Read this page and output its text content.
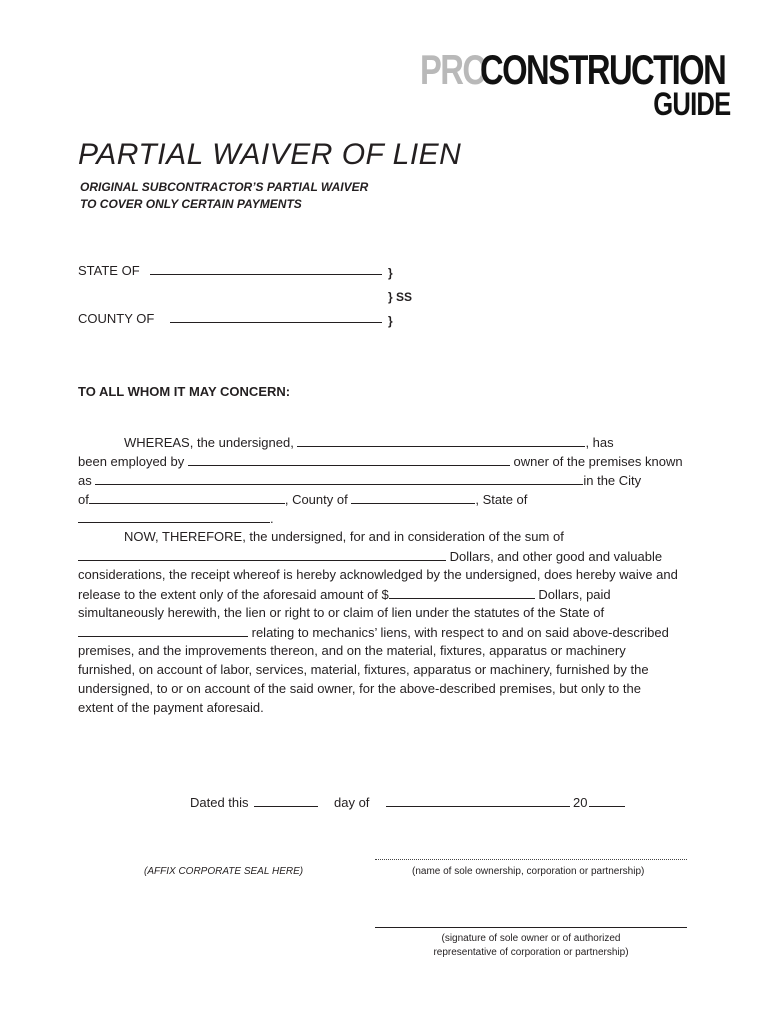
PRO
CONSTRUCTION
GUIDE
PARTIAL WAIVER OF LIEN
ORIGINAL SUBCONTRACTOR’S PARTIAL WAIVER
TO COVER ONLY CERTAIN PAYMENTS
STATE OF	}
} SS
COUNTY OF	}
TO ALL WHOM IT MAY CONCERN:
WHEREAS, the undersigned,	, has
been employed by	owner of the premises known
as	in the City
of	, County of	, State of
.
NOW, THEREFORE, the undersigned, for and in consideration of the sum of
Dollars, and other good and valuable
considerations, the receipt whereof is hereby acknowledged by the undersigned, does hereby waive and
release to the extent only of the aforesaid amount of $	Dollars, paid
simultaneously herewith, the lien or right to or claim of lien under the statutes of the State of
relating to mechanics’ liens, with respect to and on said above-described
premises, and the improvements thereon, and on the material, fixtures, apparatus or machinery
furnished, on account of labor, services, material, fixtures, apparatus or machinery, furnished by the
undersigned, to or on account of the said owner, for the above-described premises, but only to the
extent of the payment aforesaid.
Dated this	day of	20
(AFFIX CORPORATE SEAL HERE)	(name of sole ownership, corporation or partnership)
(signature of sole owner or of authorized
representative of corporation or partnership)
